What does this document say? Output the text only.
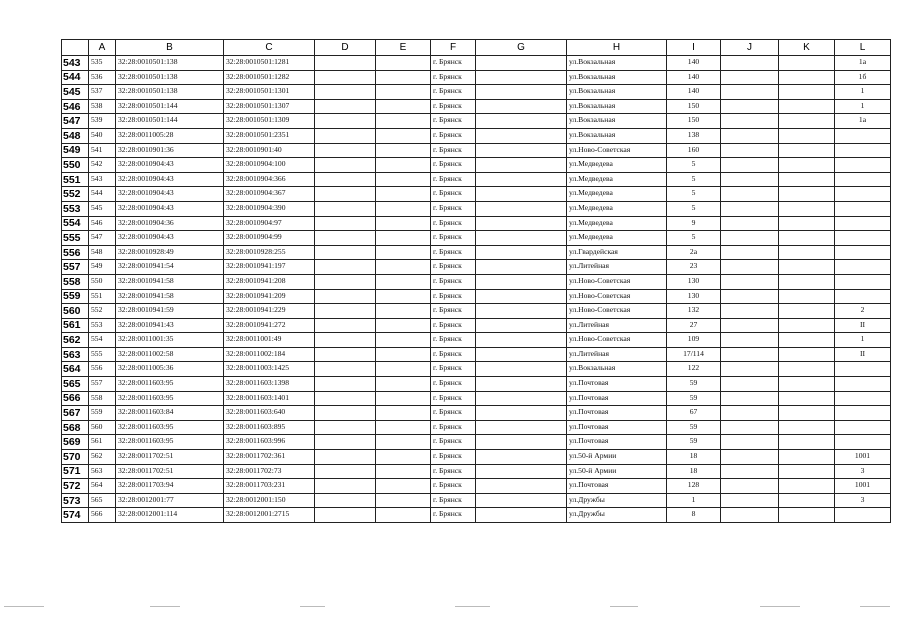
	A	B	C	D	E	F	G	H	I	J	K	L
543	535	32:28:0010501:138	32:28:0010501:1281			г. Брянск		ул.Вокзальная	140			1а
544	536	32:28:0010501:138	32:28:0010501:1282			г. Брянск		ул.Вокзальная	140			1б
545	537	32:28:0010501:138	32:28:0010501:1301			г. Брянск		ул.Вокзальная	140			1
546	538	32:28:0010501:144	32:28:0010501:1307			г. Брянск		ул.Вокзальная	150			1
547	539	32:28:0010501:144	32:28:0010501:1309			г. Брянск		ул.Вокзальная	150			1а
548	540	32:28:0011005:28	32:28:0010501:2351			г. Брянск		ул.Вокзальная	138			
549	541	32:28:0010901:36	32:28:0010901:40			г. Брянск		ул.Ново-Советская	160			
550	542	32:28:0010904:43	32:28:0010904:100			г. Брянск		ул.Медведева	5			
551	543	32:28:0010904:43	32:28:0010904:366			г. Брянск		ул.Медведева	5			
552	544	32:28:0010904:43	32:28:0010904:367			г. Брянск		ул.Медведева	5			
553	545	32:28:0010904:43	32:28:0010904:390			г. Брянск		ул.Медведева	5			
554	546	32:28:0010904:36	32:28:0010904:97			г. Брянск		ул.Медведева	9			
555	547	32:28:0010904:43	32:28:0010904:99			г. Брянск		ул.Медведева	5			
556	548	32:28:0010928:49	32:28:0010928:255			г. Брянск		ул.Гвардейская	2а			
557	549	32:28:0010941:54	32:28:0010941:197			г. Брянск		ул.Литейная	23			
558	550	32:28:0010941:58	32:28:0010941:208			г. Брянск		ул.Ново-Советская	130			
559	551	32:28:0010941:58	32:28:0010941:209			г. Брянск		ул.Ново-Советская	130			
560	552	32:28:0010941:59	32:28:0010941:229			г. Брянск		ул.Ново-Советская	132			2
561	553	32:28:0010941:43	32:28:0010941:272			г. Брянск		ул.Литейная	27			II
562	554	32:28:0011001:35	32:28:0011001:49			г. Брянск		ул.Ново-Советская	109			1
563	555	32:28:0011002:58	32:28:0011002:184			г. Брянск		ул.Литейная	17/114			II
564	556	32:28:0011005:36	32:28:0011003:1425			г. Брянск		ул.Вокзальная	122			
565	557	32:28:0011603:95	32:28:0011603:1398			г. Брянск		ул.Почтовая	59			
566	558	32:28:0011603:95	32:28:0011603:1401			г. Брянск		ул.Почтовая	59			
567	559	32:28:0011603:84	32:28:0011603:640			г. Брянск		ул.Почтовая	67			
568	560	32:28:0011603:95	32:28:0011603:895			г. Брянск		ул.Почтовая	59			
569	561	32:28:0011603:95	32:28:0011603:996			г. Брянск		ул.Почтовая	59			
570	562	32:28:0011702:51	32:28:0011702:361			г. Брянск		ул.50-й Армии	18			1001
571	563	32:28:0011702:51	32:28:0011702:73			г. Брянск		ул.50-й Армии	18			3
572	564	32:28:0011703:94	32:28:0011703:231			г. Брянск		ул.Почтовая	128			1001
573	565	32:28:0012001:77	32:28:0012001:150			г. Брянск		ул.Дружбы	1			3
574	566	32:28:0012001:114	32:28:0012001:2715			г. Брянск		ул.Дружбы	8			
